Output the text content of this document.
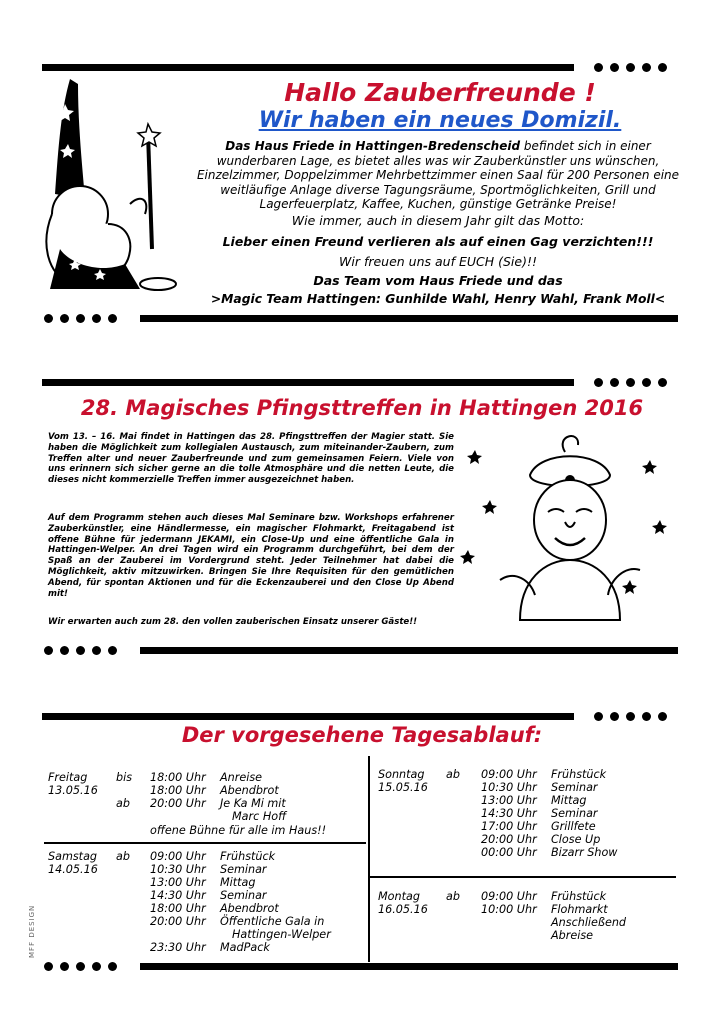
Hallo Zauberfreunde !
Wir haben ein neues Domizil.
Das Haus Friede in Hattingen-Bredenscheid befindet sich in einer wunderbaren Lage, es bietet alles was wir Zauberkünstler uns wünschen, Einzelzimmer, Doppelzimmer Mehrbettzimmer einen Saal für 200 Personen eine weitläufige Anlage diverse Tagungsräume, Sportmöglichkeiten, Grill und Lagerfeuerplatz, Kaffee, Kuchen, günstige Getränke Preise!
Wie immer, auch in diesem Jahr gilt das Motto:
Lieber einen Freund verlieren als auf einen Gag verzichten!!!
Wir freuen uns auf EUCH (Sie)!!
Das Team vom Haus Friede und das
>Magic Team Hattingen: Gunhilde Wahl, Henry Wahl, Frank Moll<
28. Magisches Pfingsttreffen in Hattingen 2016

Vom 13. – 16. Mai findet in Hattingen das 28. Pfingsttreffen der Magier statt. Sie haben die Möglichkeit zum kollegialen Austausch, zum miteinander-Zaubern, zum Treffen alter und neuer Zauberfreunde und zum gemeinsamen Feiern. Viele von uns erinnern sich sicher gerne an die tolle Atmosphäre und die netten Leute, die dieses nicht kommerzielle Treffen immer ausgezeichnet haben.

Auf dem Programm stehen auch dieses Mal Seminare bzw. Workshops erfahrener Zauberkünstler, eine Händlermesse, ein magischer Flohmarkt, Freitagabend ist offene Bühne für jedermann JEKAMI, ein Close-Up und eine öffentliche Gala in Hattingen-Welper. An drei Tagen wird ein Programm durchgeführt, bei dem der Spaß an der Zauberei im Vordergrund steht. Jeder Teilnehmer hat dabei die Möglichkeit, aktiv mitzuwirken. Bringen Sie Ihre Requisiten für den gemütlichen Abend, für spontan Aktionen und für die Eckenzauberei und den Close Up Abend mit!

Wir erwarten auch zum 28. den vollen zauberischen Einsatz unserer Gäste!!

Der vorgesehene Tagesablauf:
Freitag	bis
13.05.16
ab
18:00 Uhr Anreise
18:00 Uhr Abendbrot
20:00 Uhr Je Ka Mi mit
Marc Hoff
offene Bühne für alle im Haus!!
Samstag ab
14.05.16
09:00 Uhr Frühstück
10:30 Uhr Seminar
13:00 Uhr Mittag
14:30 Uhr Seminar
18:00 Uhr Abendbrot
20:00 Uhr Öffentliche Gala in
Hattingen-Welper
23:30 Uhr MadPack
Sonntag ab
15.05.16
09:00 Uhr Frühstück
10:30 Uhr Seminar
13:00 Uhr Mittag
14:30 Uhr Seminar
17:00 Uhr Grillfete
20:00 Uhr Close Up
00:00 Uhr Bizarr Show
Montag ab
16.05.16
09:00 Uhr Frühstück
10:00 Uhr Flohmarkt
Anschließend
Abreise
MFF DESIGN
